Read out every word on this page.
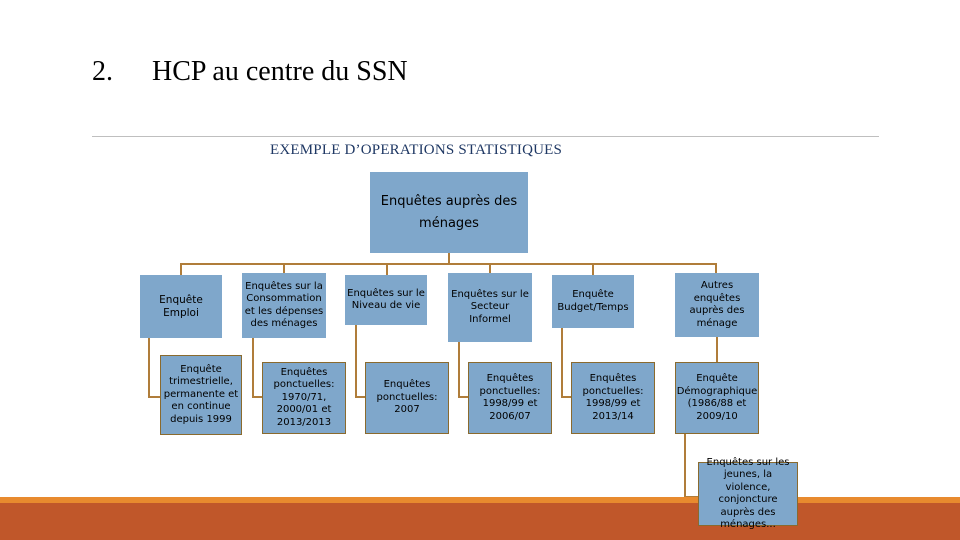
2. HCP au centre du SSN
EXEMPLE D’OPERATIONS STATISTIQUES
Enquêtes auprès des ménages
Enquête Emploi
Enquêtes sur la Consommation et les dépenses des ménages
Enquêtes sur le Niveau de vie
Enquêtes sur le Secteur Informel
Enquête Budget/Temps
Autres enquêtes auprès des ménage
Enquête trimestrielle, permanente et en continue depuis 1999
Enquêtes ponctuelles: 1970/71, 2000/01 et 2013/2013
Enquêtes ponctuelles: 2007
Enquêtes ponctuelles: 1998/99 et 2006/07
Enquêtes ponctuelles: 1998/99 et 2013/14
Enquête Démographique (1986/88 et 2009/10
Enquêtes sur les jeunes, la violence, conjoncture auprès des ménages...
